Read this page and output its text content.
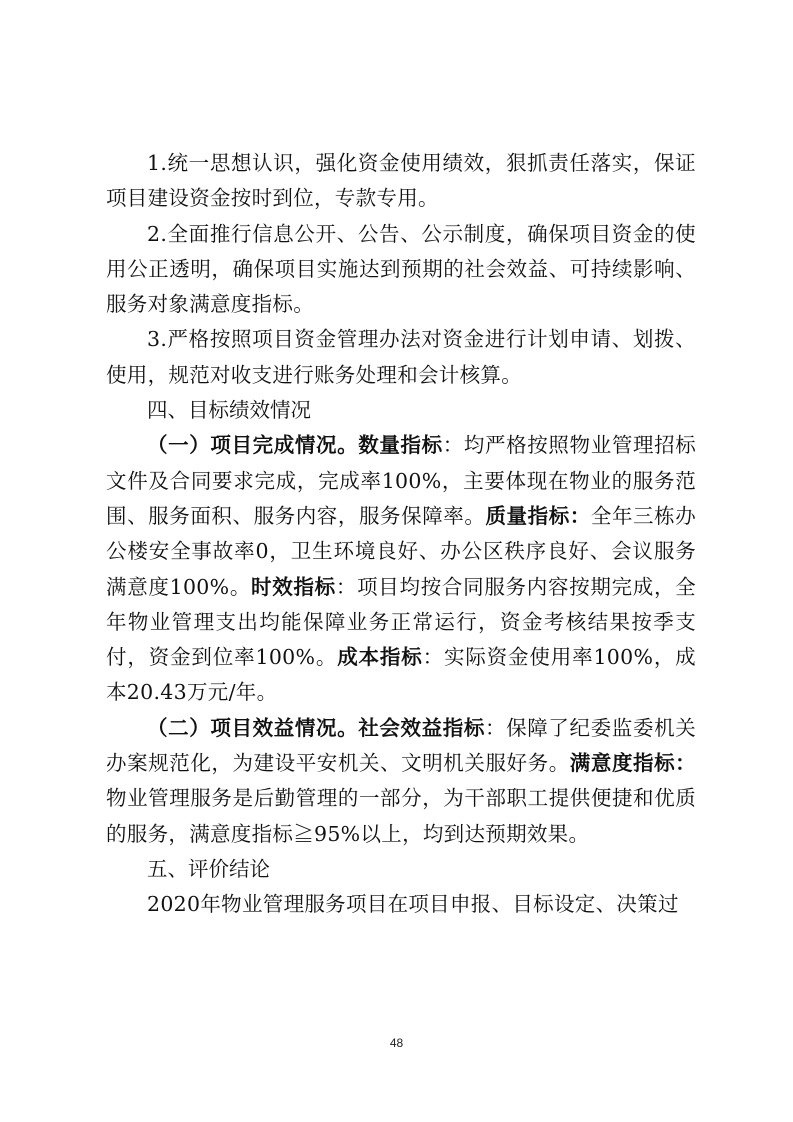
1.统一思想认识，强化资金使用绩效，狠抓责任落实，保证项目建设资金按时到位，专款专用。

2.全面推行信息公开、公告、公示制度，确保项目资金的使用公正透明，确保项目实施达到预期的社会效益、可持续影响、服务对象满意度指标。

3.严格按照项目资金管理办法对资金进行计划申请、划拨、使用，规范对收支进行账务处理和会计核算。

四、目标绩效情况

（一）项目完成情况。数量指标：均严格按照物业管理招标文件及合同要求完成，完成率100%，主要体现在物业的服务范围、服务面积、服务内容，服务保障率。质量指标：全年三栋办公楼安全事故率0，卫生环境良好、办公区秩序良好、会议服务满意度100%。时效指标：项目均按合同服务内容按期完成，全年物业管理支出均能保障业务正常运行，资金考核结果按季支付，资金到位率100%。成本指标：实际资金使用率100%，成本20.43万元/年。

（二）项目效益情况。社会效益指标：保障了纪委监委机关办案规范化，为建设平安机关、文明机关服好务。满意度指标：物业管理服务是后勤管理的一部分，为干部职工提供便捷和优质的服务，满意度指标≧95%以上，均到达预期效果。

五、评价结论

2020年物业管理服务项目在项目申报、目标设定、决策过

48
